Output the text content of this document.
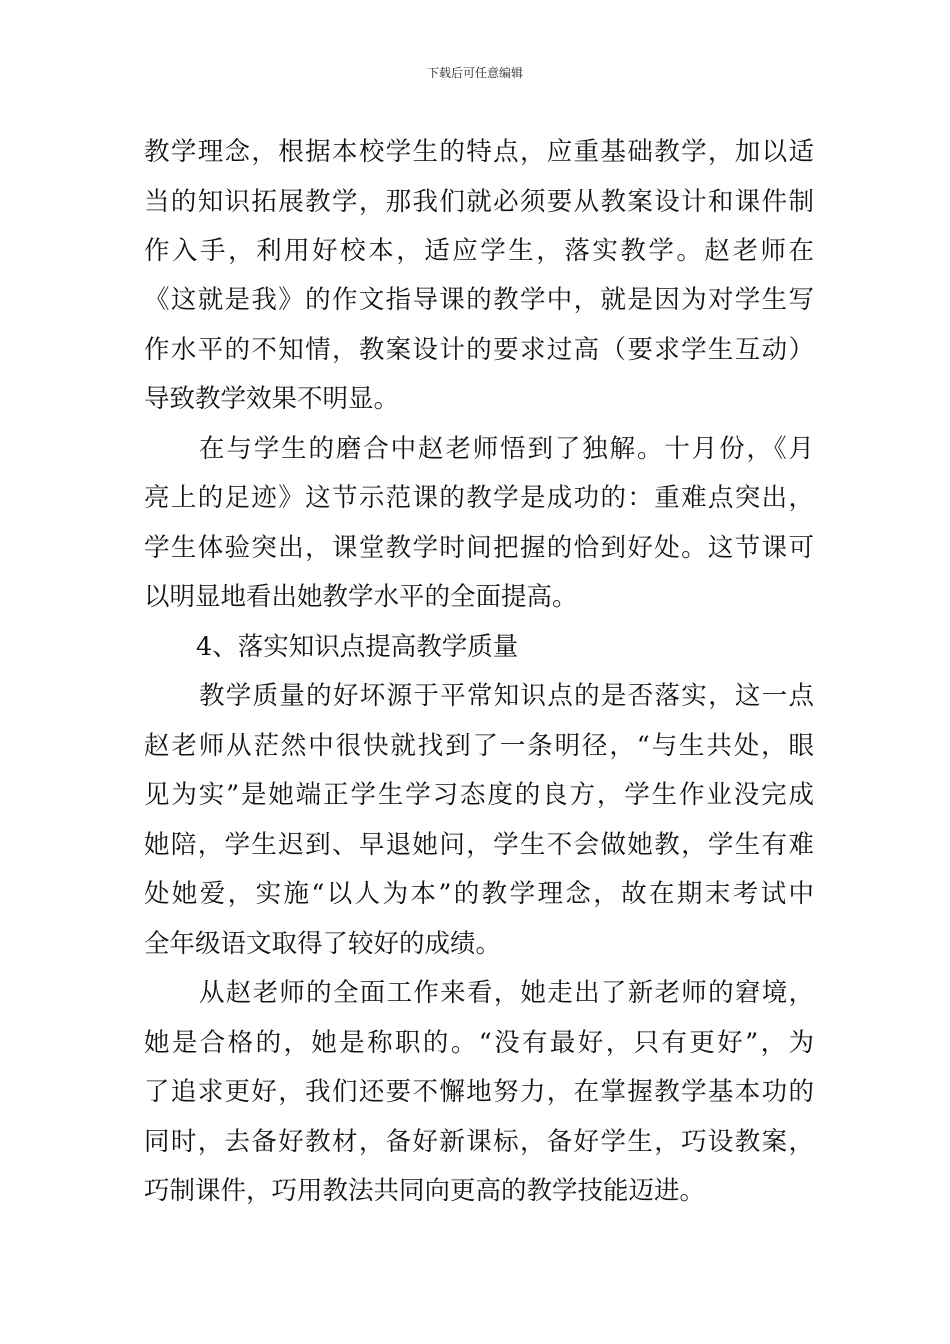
下载后可任意编辑
教学理念，根据本校学生的特点，应重基础教学，加以适
当的知识拓展教学，那我们就必须要从教案设计和课件制
作入手，利用好校本，适应学生，落实教学。赵老师在
《这就是我》的作文指导课的教学中，就是因为对学生写
作水平的不知情，教案设计的要求过高（要求学生互动）
导致教学效果不明显。
在与学生的磨合中赵老师悟到了独解。十月份，《月
亮上的足迹》这节示范课的教学是成功的：重难点突出，
学生体验突出，课堂教学时间把握的恰到好处。这节课可
以明显地看出她教学水平的全面提高。
4、落实知识点提高教学质量
教学质量的好坏源于平常知识点的是否落实，这一点
赵老师从茫然中很快就找到了一条明径，“与生共处，眼
见为实”是她端正学生学习态度的良方，学生作业没完成
她陪，学生迟到、早退她问，学生不会做她教，学生有难
处她爱，实施“以人为本”的教学理念，故在期末考试中
全年级语文取得了较好的成绩。
从赵老师的全面工作来看，她走出了新老师的窘境，
她是合格的，她是称职的。“没有最好，只有更好”，为
了追求更好，我们还要不懈地努力，在掌握教学基本功的
同时，去备好教材，备好新课标，备好学生，巧设教案，
巧制课件，巧用教法共同向更高的教学技能迈进。
